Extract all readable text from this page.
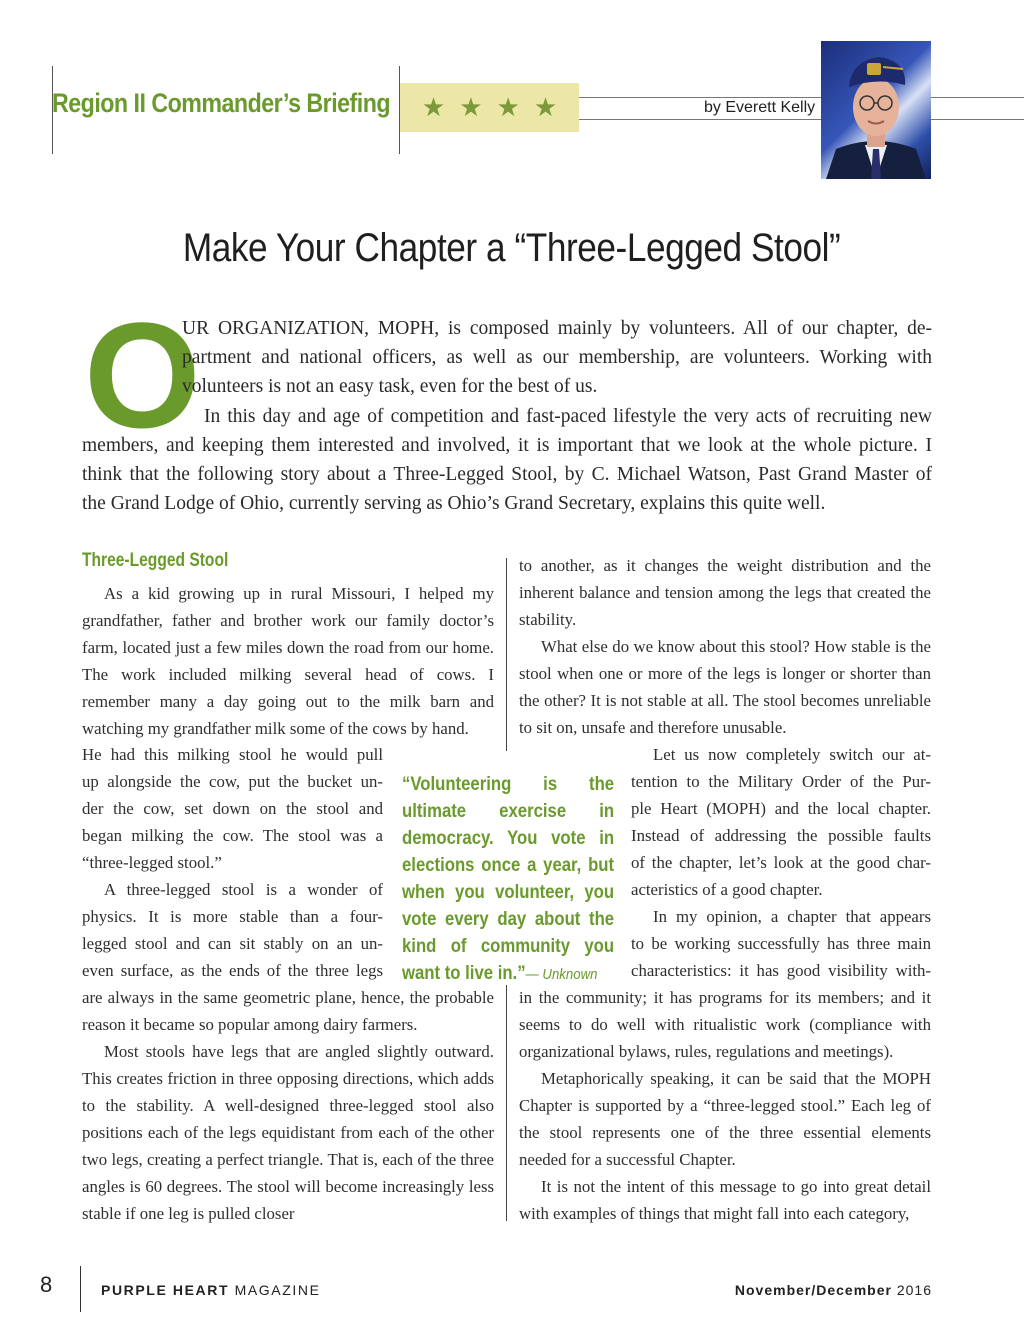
Region II Commander’s Briefing ★ ★ ★ ★	by Everett Kelly
Make Your Chapter a “Three-Legged Stool”
O
UR ORGANIZATION, MOPH, is composed mainly by volunteers. All of our chapter, de-
partment and national officers, as well as our membership, are volunteers. Working with
volunteers is not an easy task, even for the best of us.
In this day and age of competition and fast-paced lifestyle the very acts of recruiting new
members, and keeping them interested and involved, it is important that we look at the whole picture. I
think that the following story about a Three-Legged Stool, by C. Michael Watson, Past Grand Master of
the Grand Lodge of Ohio, currently serving as Ohio’s Grand Secretary, explains this quite well.

Three-Legged Stool

As a kid growing up in rural Missouri, I helped my grandfather, father and brother work our family doctor’s farm, located just a few miles down the road from our home. The work included milking several head of cows. I remember many a day going out to the milk barn and watching my grandfather milk some of the cows by hand.

He had this milking stool he would pull

up alongside the cow, put the bucket un-

der the cow, set down on the stool and

began milking the cow. The stool was a

“three-legged stool.”

A three-legged stool is a wonder of

physics. It is more stable than a four-

legged stool and can sit stably on an un-

even surface, as the ends of the three legs

are always in the same geometric plane, hence, the probable reason it became so popular among dairy farmers.

Most stools have legs that are angled slightly outward. This creates friction in three opposing directions, which adds to the stability. A well-designed three-legged stool also positions each of the legs equidistant from each of the other two legs, creating a perfect triangle. That is, each of the three angles is 60 degrees. The stool will become increasingly less stable if one leg is pulled closer

to another, as it changes the weight distribution and the inherent balance and tension among the legs that created the stability.

What else do we know about this stool? How stable is the stool when one or more of the legs is longer or shorter than the other? It is not stable at all. The stool becomes unreliable to sit on, unsafe and therefore unusable.

Let us now completely switch our at-

tention to the Military Order of the Pur-

ple Heart (MOPH) and the local chapter.

Instead of addressing the possible faults

of the chapter, let’s look at the good char-

acteristics of a good chapter.

In my opinion, a chapter that appears

to be working successfully has three main

characteristics: it has good visibility with-

in the community; it has programs for its members; and it seems to do well with ritualistic work (compliance with organizational bylaws, rules, regulations and meetings).

Metaphorically speaking, it can be said that the MOPH Chapter is supported by a “three-legged stool.” Each leg of the stool represents one of the three essential elements needed for a successful Chapter.

It is not the intent of this message to go into great detail with examples of things that might fall into each category,

“Volunteering is the ultimate exercise in democracy. You vote in elections once a year, but when you volunteer, you vote every day about the kind of community you want to live in.”— Unknown
8	PURPLE HEART MAGAZINE	November/December 2016
